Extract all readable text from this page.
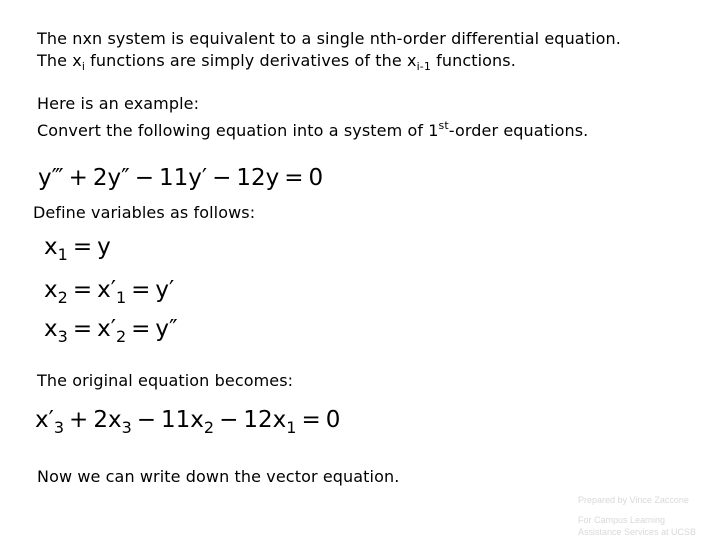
The nxn system is equivalent to a single nth-order differential equation.
The $x_i$ functions are simply derivatives of the $x_{i-1}$ functions.
Here is an example:
Convert the following equation into a system of 1st-order equations.
y‴ + 2y″ − 11y′ − 12y = 0
Define variables as follows:
$x_1 = y$
$x_2 = x'_1 = y'$
$x_3 = x'_2 = y''$
The original equation becomes:
$x'_3 + 2x_3 - 11x_2 - 12x_1 = 0$
Now we can write down the vector equation.
Prepared by Vince Zaccone
For Campus Learning
Assistance Services at UCSB
